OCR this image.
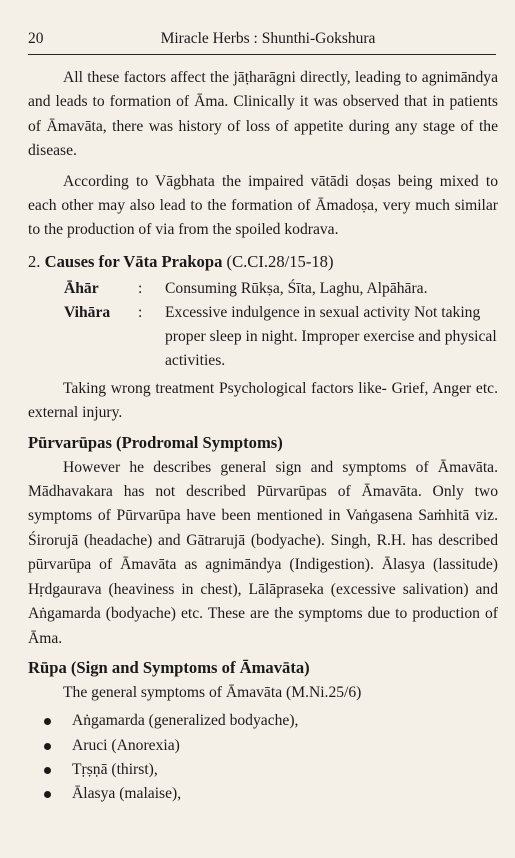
20	Miracle Herbs : Shunthi-Gokshura

All these factors affect the jāṭharāgni directly, leading to agnimāndya and leads to formation of Āma. Clinically it was observed that in patients of Āmavāta, there was history of loss of appetite during any stage of the disease.

According to Vāgbhata the impaired vātādi doṣas being mixed to each other may also lead to the formation of Āmadoṣa, very much similar to the production of via from the spoiled kodrava.

2. Causes for Vāta Prakopa (C.CI.28/15-18)
Āhār	:	Consuming Rūkṣa, Śīta, Laghu, Alpāhāra.
Vihāra	:	Excessive indulgence in sexual activity Not taking proper sleep in night. Improper exercise and physical activities.

Taking wrong treatment Psychological factors like- Grief, Anger etc. external injury.

Pūrvarūpas (Prodromal Symptoms)

However he describes general sign and symptoms of Āmavāta. Mādhavakara has not described Pūrvarūpas of Āmavāta. Only two symptoms of Pūrvarūpa have been mentioned in Vaṅgasena Saṁhitā viz. Śirorujā (headache) and Gātrarujā (bodyache). Singh, R.H. has described pūrvarūpa of Āmavāta as agnimāndya (Indigestion). Ālasya (lassitude) Hṛdgaurava (heaviness in chest), Lālāpraseka (excessive salivation) and Aṅgamarda (bodyache) etc. These are the symptoms due to production of Āma.

Rūpa (Sign and Symptoms of Āmavāta)

The general symptoms of Āmavāta (M.Ni.25/6)

Aṅgamarda (generalized bodyache),
Aruci (Anorexia)
Tṛṣṇā (thirst),
Ālasya (malaise),
